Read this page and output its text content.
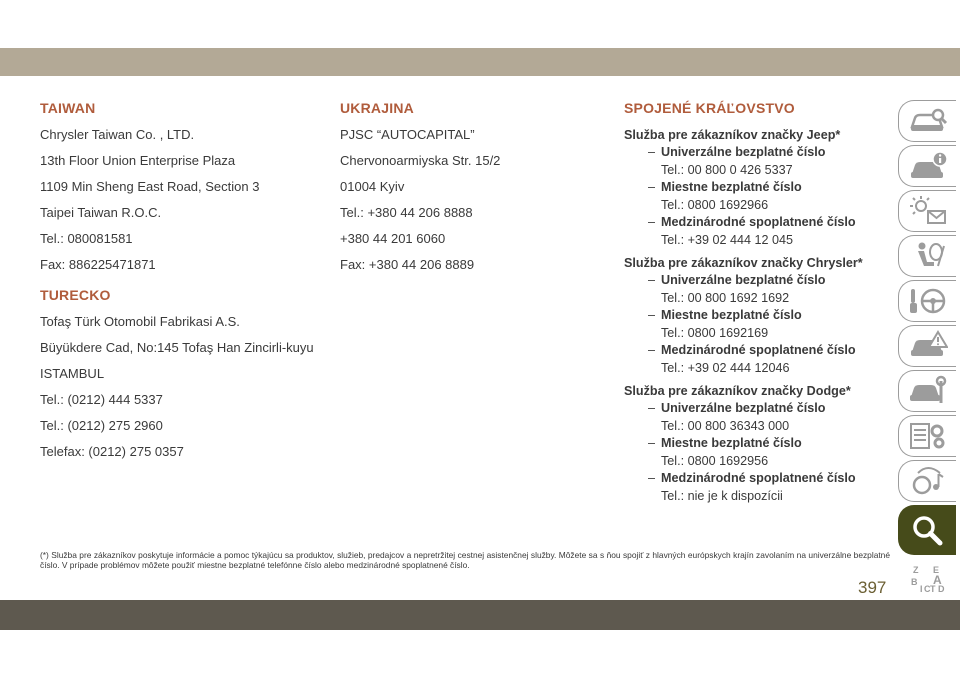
TAIWAN
Chrysler Taiwan Co. , LTD.
13th Floor Union Enterprise Plaza
1109 Min Sheng East Road, Section 3
Taipei Taiwan R.O.C.
Tel.: 080081581
Fax: 886225471871
TURECKO
Tofaş Türk Otomobil Fabrikasi A.S.
Büyükdere Cad, No:145 Tofaş Han Zincirli-kuyu
ISTAMBUL
Tel.: (0212) 444 5337
Tel.: (0212) 275 2960
Telefax: (0212) 275 0357
UKRAJINA
PJSC “AUTOCAPITAL”
Chervonoarmiyska Str. 15/2
01004 Kyiv
Tel.: +380 44 206 8888
+380 44 201 6060
Fax: +380 44 206 8889
SPOJENÉ KRÁĽOVSTVO
Služba pre zákazníkov značky Jeep*
– Univerzálne bezplatné číslo
Tel.: 00 800 0 426 5337
– Miestne bezplatné číslo
Tel.: 0800 1692966
– Medzinárodné spoplatnené číslo
Tel.: +39 02 444 12 045
Služba pre zákazníkov značky Chrysler*
– Univerzálne bezplatné číslo
Tel.: 00 800 1692 1692
– Miestne bezplatné číslo
Tel.: 0800 1692169
– Medzinárodné spoplatnené číslo
Tel.: +39 02 444 12046
Služba pre zákazníkov značky Dodge*
– Univerzálne bezplatné číslo
Tel.: 00 800 36343 000
– Miestne bezplatné číslo
Tel.: 0800 1692956
– Medzinárodné spoplatnené číslo
Tel.: nie je k dispozícii
Z E
B A
I C T D
(*) Služba pre zákazníkov poskytuje informácie a pomoc týkajúcu sa produktov, služieb, predajcov a nepretržitej cestnej asistenčnej služby. Môžete sa s ňou spojiť z hlavných európskych krajín zavolaním na univerzálne bezplatné číslo. V prípade problémov môžete použiť miestne bezplatné telefónne číslo alebo medzinárodné spoplatnené číslo.
397
